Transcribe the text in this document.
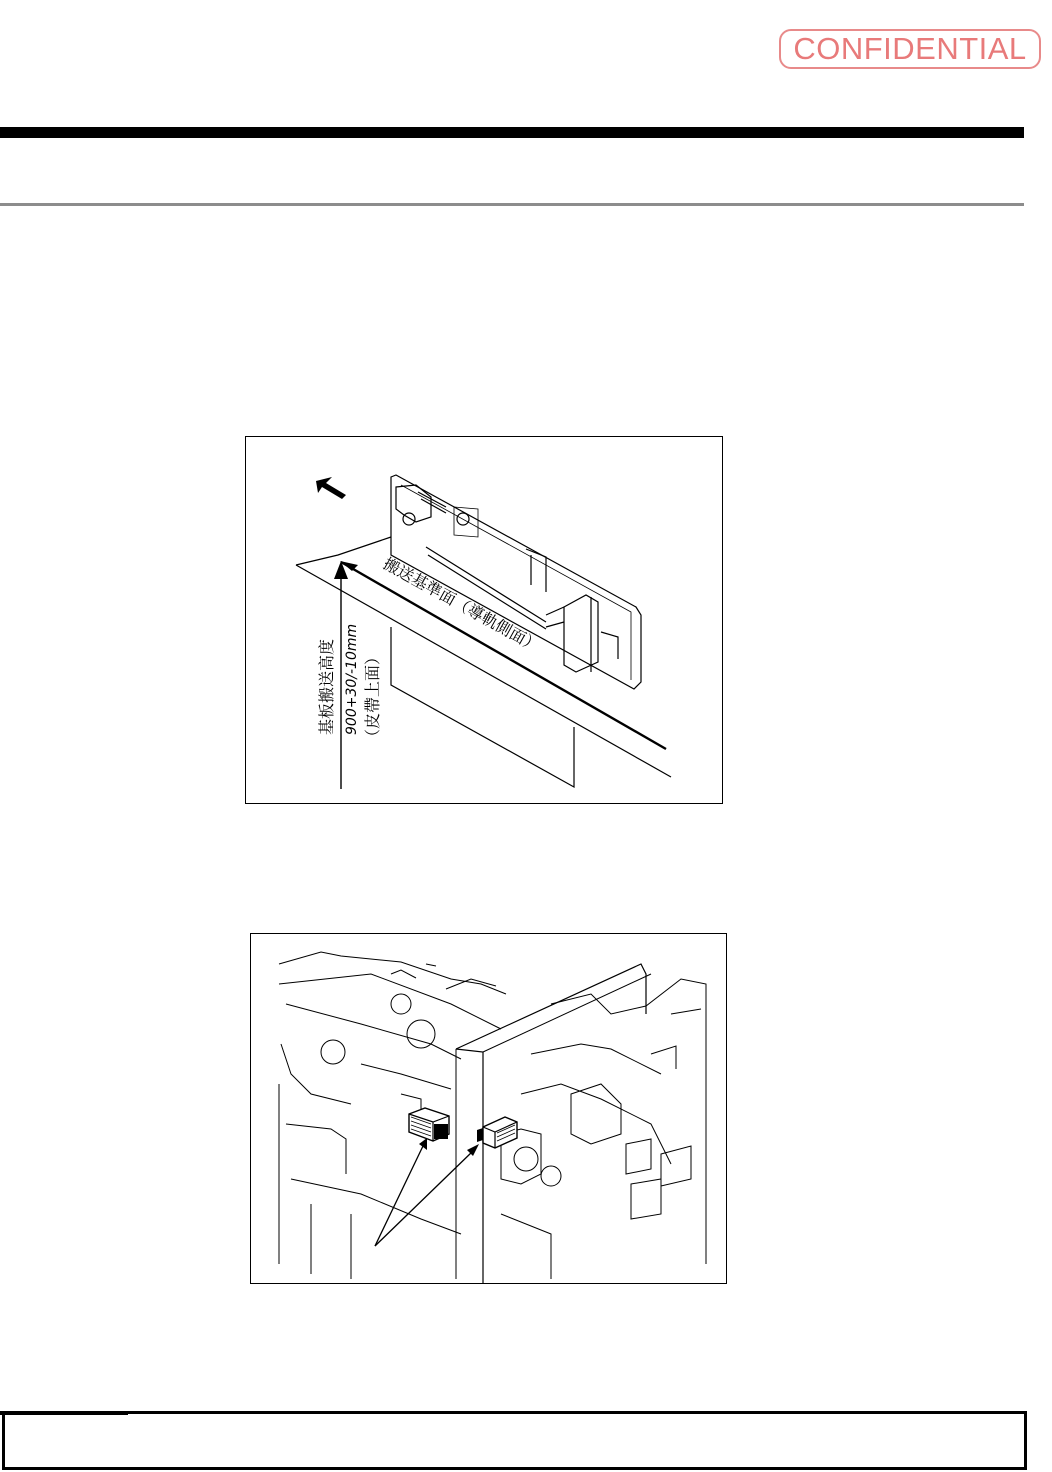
CONFIDENTIAL
搬送基準面（導軌側面）
基板搬送高度 900+30/-10mm （皮帶上面）
